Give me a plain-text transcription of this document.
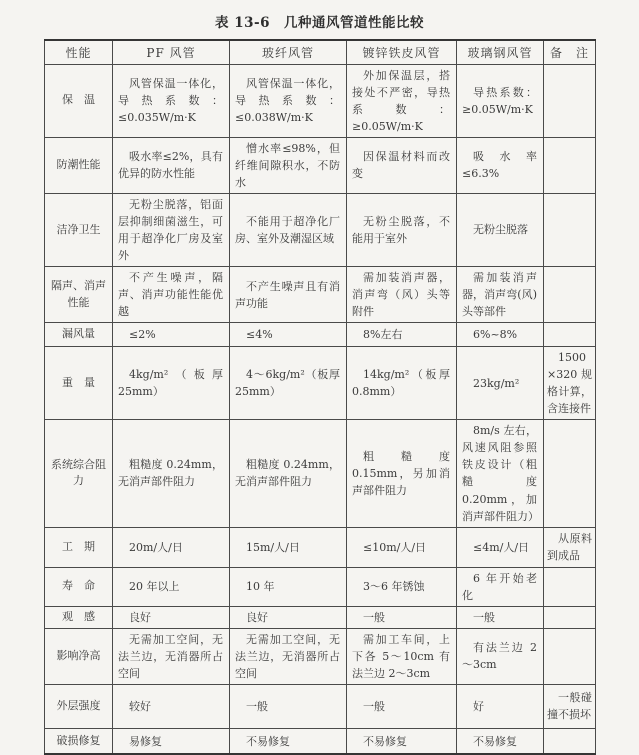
表 13-6　几种通风管道性能比较
性能	PF 风管	玻纤风管	镀锌铁皮风管	玻璃钢风管	备　注
保　温	风管保温一体化，导热系数：≤0.035W/m·K	风管保温一体化，导热系数：≤0.038W/m·K	外加保温层，搭接处不严密，导热系数：≥0.05W/m·K	导热系数：≥0.05W/m·K	
防潮性能	吸水率≤2%，具有优异的防水性能	憎水率≤98%，但纤维间隙积水，不防水	因保温材料而改变	吸水率≤6.3%	
洁净卫生	无粉尘脱落，铝面层抑制细菌滋生，可用于超净化厂房及室外	不能用于超净化厂房、室外及潮湿区域	无粉尘脱落，不能用于室外	无粉尘脱落	
隔声、消声性能	不产生噪声，隔声、消声功能性能优越	不产生噪声且有消声功能	需加装消声器，消声弯（风）头等附件	需加装消声器，消声弯(风)头等部件	
漏风量	≤2%	≤4%	8%左右	6%~8%	
重　量	4kg/m²（板厚 25mm）	4～6kg/m²（板厚 25mm）	14kg/m²（板厚 0.8mm）	23kg/m²	1500×320 规格计算，含连接件
系统综合阻力	粗糙度 0.24mm，无消声部件阻力	粗糙度 0.24mm，无消声部件阻力	粗糙度 0.15mm，另加消声部件阻力	8m/s 左右，风速风阻参照铁皮设计（粗糙度 0.20mm，加消声部件阻力）	
工　期	20m/人/日	15m/人/日	≤10m/人/日	≤4m/人/日	从原料到成品
寿　命	20 年以上	10 年	3～6 年锈蚀	6 年开始老化	
观　感	良好	良好	一般	一般	
影响净高	无需加工空间，无法兰边，无消器所占空间	无需加工空间，无法兰边，无消器所占空间	需加工车间，上下各 5～10cm 有法兰边 2～3cm	有法兰边 2～3cm	
外层强度	较好	一般	一般	好	一般碰撞不损坏
破损修复	易修复	不易修复	不易修复	不易修复	
